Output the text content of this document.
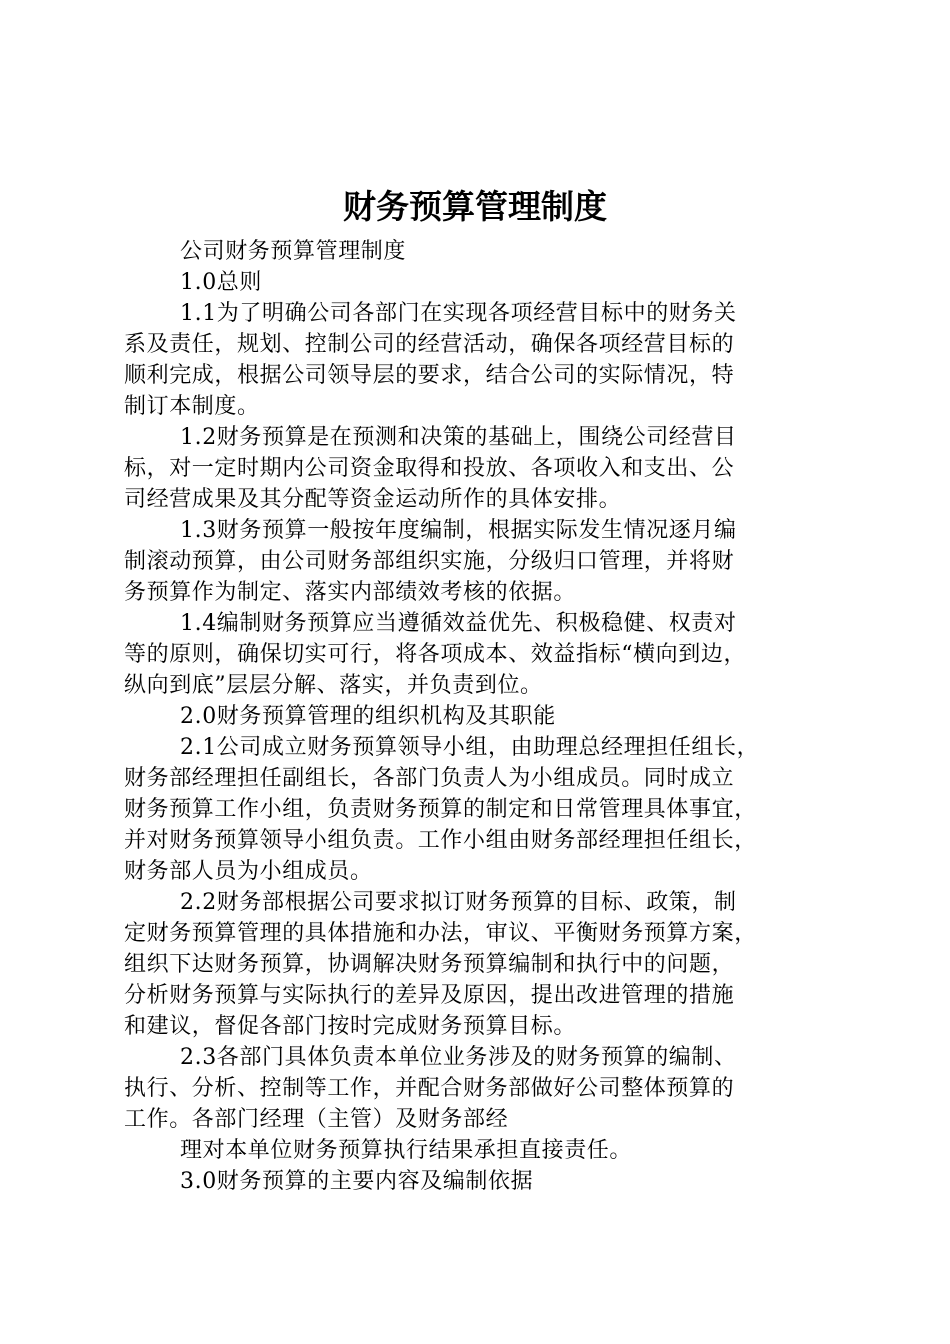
财务预算管理制度
公司财务预算管理制度
1.0总则
1.1为了明确公司各部门在实现各项经营目标中的财务关
系及责任，规划、控制公司的经营活动，确保各项经营目标的
顺利完成，根据公司领导层的要求，结合公司的实际情况，特
制订本制度。
1.2财务预算是在预测和决策的基础上，围绕公司经营目
标，对一定时期内公司资金取得和投放、各项收入和支出、公
司经营成果及其分配等资金运动所作的具体安排。
1.3财务预算一般按年度编制，根据实际发生情况逐月编
制滚动预算，由公司财务部组织实施，分级归口管理，并将财
务预算作为制定、落实内部绩效考核的依据。
1.4编制财务预算应当遵循效益优先、积极稳健、权责对
等的原则，确保切实可行，将各项成本、效益指标“横向到边，
纵向到底”层层分解、落实，并负责到位。
2.0财务预算管理的组织机构及其职能
2.1公司成立财务预算领导小组，由助理总经理担任组长，
财务部经理担任副组长，各部门负责人为小组成员。同时成立
财务预算工作小组，负责财务预算的制定和日常管理具体事宜，
并对财务预算领导小组负责。工作小组由财务部经理担任组长，
财务部人员为小组成员。
2.2财务部根据公司要求拟订财务预算的目标、政策，制
定财务预算管理的具体措施和办法，审议、平衡财务预算方案，
组织下达财务预算，协调解决财务预算编制和执行中的问题，
分析财务预算与实际执行的差异及原因，提出改进管理的措施
和建议，督促各部门按时完成财务预算目标。
2.3各部门具体负责本单位业务涉及的财务预算的编制、
执行、分析、控制等工作，并配合财务部做好公司整体预算的
工作。各部门经理（主管）及财务部经
理对本单位财务预算执行结果承担直接责任。
3.0财务预算的主要内容及编制依据
